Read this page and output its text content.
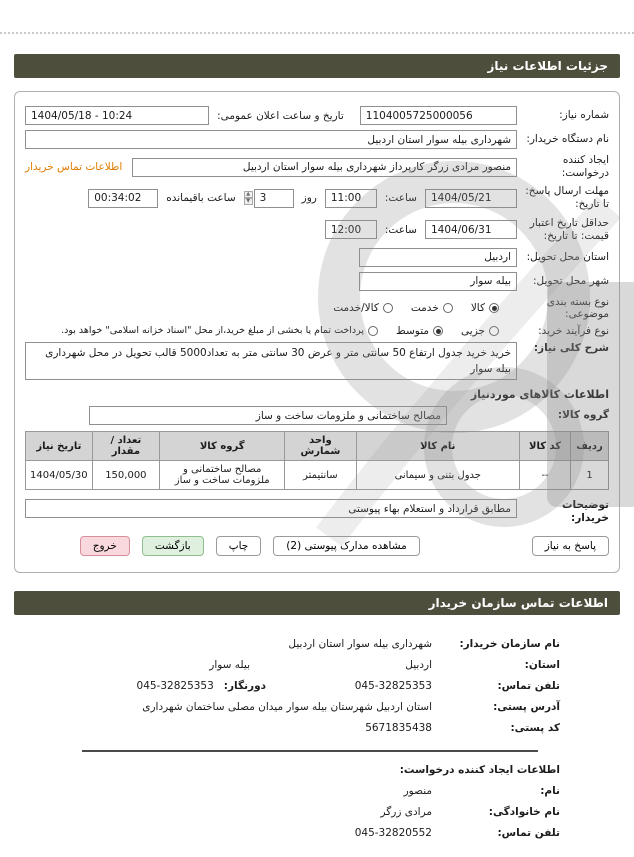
جزئیات اطلاعات نیاز
شماره نیاز:
1104005725000056
تاریخ و ساعت اعلان عمومی:
1404/05/18 - 10:24
نام دستگاه خریدار:
شهرداری بیله سوار استان اردبیل
ایجاد کننده درخواست:
منصور مرادی زرگر کارپرداز شهرداری بیله سوار استان اردبیل
اطلاعات تماس خریدار
مهلت ارسال پاسخ: تا تاریخ:
1404/05/21
ساعت:
11:00
روز
3
▲
▼
ساعت باقیمانده
00:34:02
حداقل تاریخ اعتبار قیمت: تا تاریخ:
1404/06/31
ساعت:
12:00
استان محل تحویل:
اردبیل
شهر محل تحویل:
بیله سوار
نوع بسته بندی موضوعی:
کالا
خدمت
کالا/خدمت
نوع فرآیند خرید:
جزیی
متوسط
پرداخت تمام یا بخشی از مبلغ خرید،از محل "اسناد خزانه اسلامی" خواهد بود.
شرح کلی نیاز:
خرید خرید جدول ارتفاع 50 سانتی متر و عرض 30 سانتی متر به تعداد5000 قالب تحویل در محل شهرداری بیله سوار
اطلاعات کالاهای موردنیاز
گروه کالا:
مصالح ساختمانی و ملزومات ساخت و ساز
ردیف	کد کالا	نام کالا	واحد شمارش	گروه کالا	تعداد / مقدار	تاریخ نیاز
1	--	جدول بتنی و سیمانی	سانتیمتر	مصالح ساختمانی و ملزومات ساخت و ساز	150,000	1404/05/30
توضیحات خریدار:
مطابق قرارداد و استعلام بهاء پیوستی
پاسخ به نیاز
مشاهده مدارک پیوستی (2)
چاپ
بازگشت
خروج
اطلاعات تماس سازمان خریدار
نام سازمان خریدار:
شهرداری بیله سوار استان اردبیل
استان:
اردبیل
بیله سوار
تلفن تماس:
045-32825353
دورنگار:
045-32825353
آدرس پستی:
استان اردبیل شهرستان بیله سوار میدان مصلی ساختمان شهرداری
کد پستی:
5671835438
اطلاعات ایجاد کننده درخواست:
نام:
منصور
نام خانوادگی:
مرادی زرگر
تلفن تماس:
045-32820552
